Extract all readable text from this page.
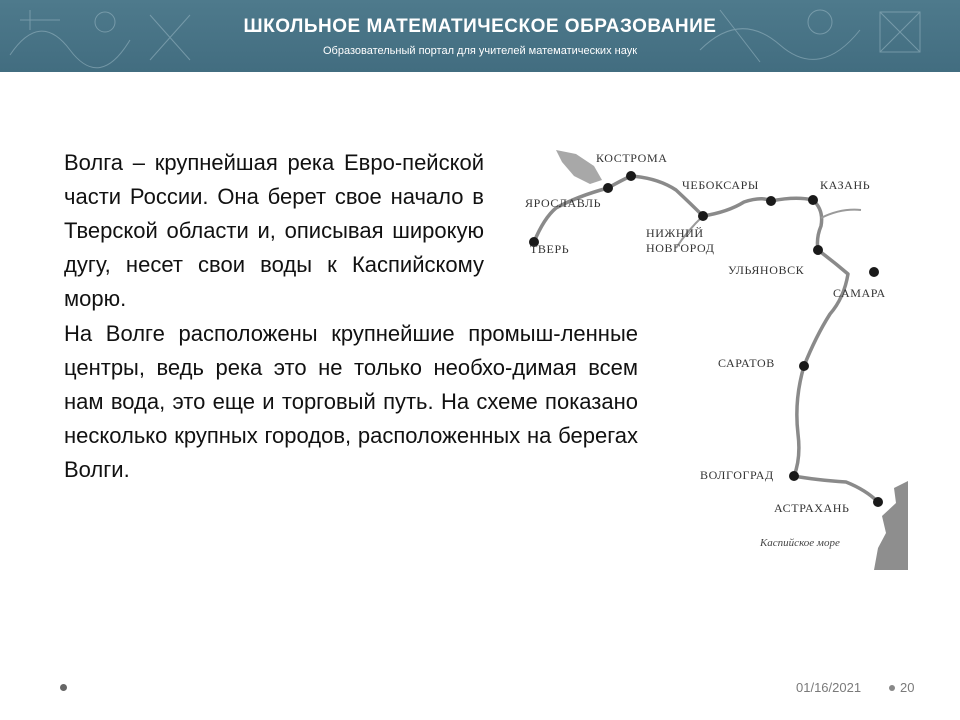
ШКОЛЬНОЕ МАТЕМАТИЧЕСКОЕ ОБРАЗОВАНИЕ
Образовательный портал для учителей математических наук

Волга – крупнейшая река Евро-пейской части России. Она берет свое начало в Тверской области и, описывая широкую дугу, несет свои воды к Каспийскому морю.

На Волге расположены крупнейшие промыш-ленные центры, ведь река это не только необхо-димая всем нам вода, это еще и торговый путь. На схеме показано несколько крупных городов, расположенных на берегах Волги.

ТВЕРЬ
ЯРОСЛАВЛЬ
КОСТРОМА
НИЖНИЙ
НОВГОРОД
ЧЕБОКСАРЫ	КАЗАНЬ
УЛЬЯНОВСК
САМАРА
САРАТОВ
ВОЛГОГРАД
АСТРАХАНЬ
Каспийское море
01/16/2021	20
